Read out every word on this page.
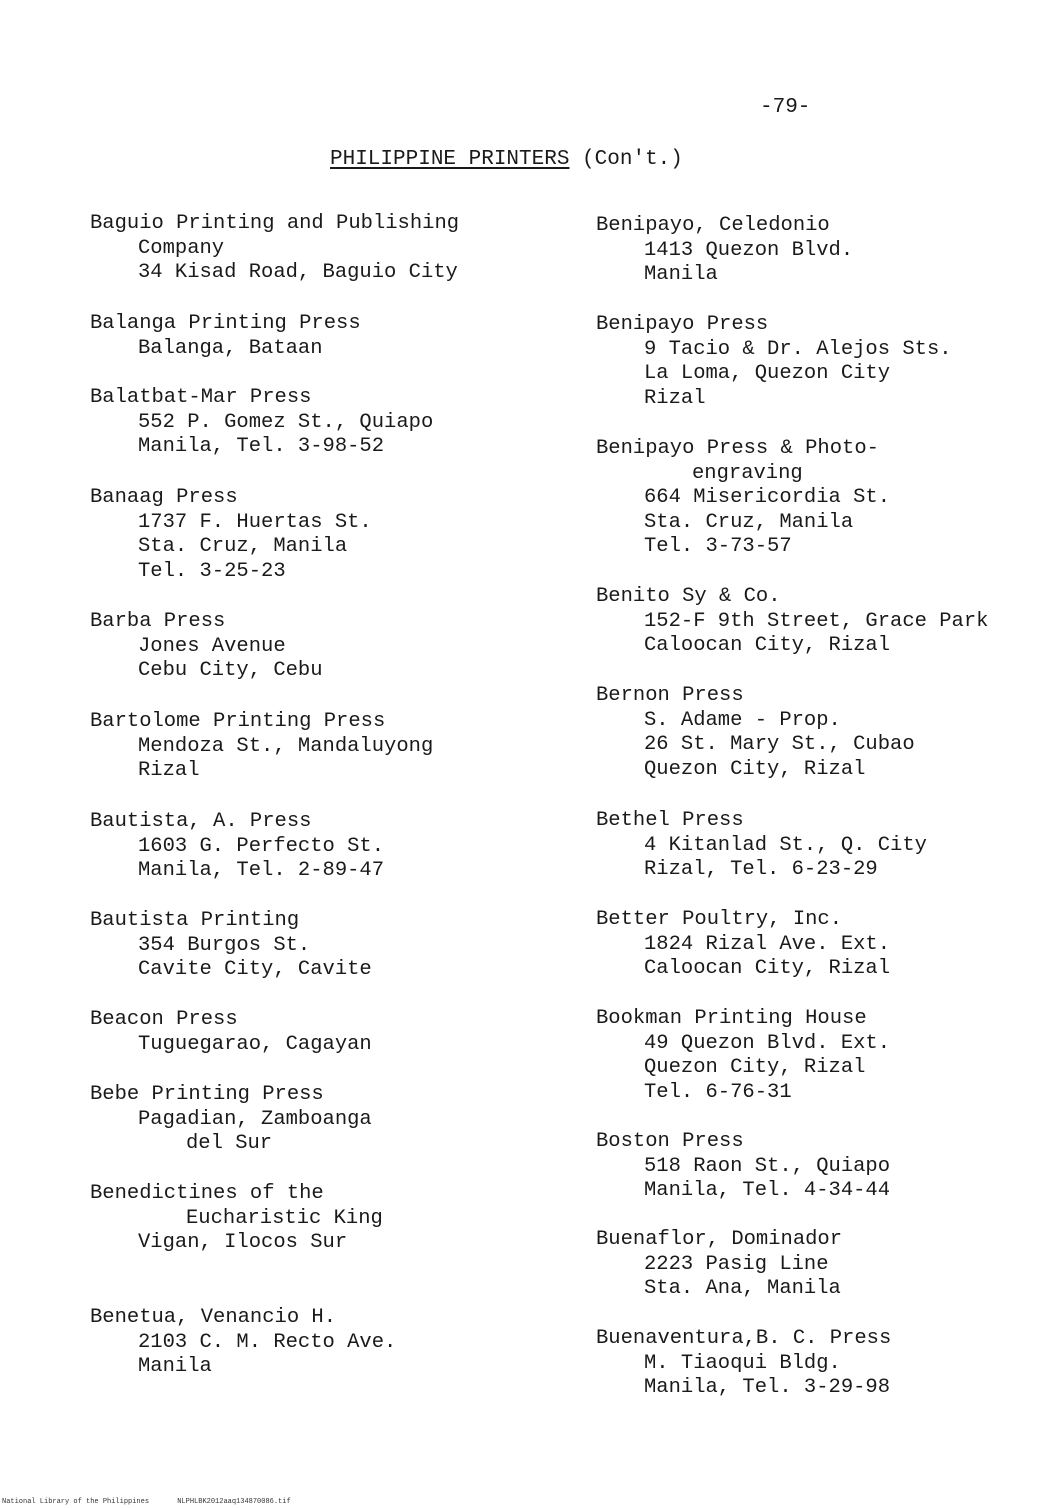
-79-
PHILIPPINE PRINTERS (Con't.)
Baguio Printing and Publishing
Company
34 Kisad Road, Baguio City
Balanga Printing Press
Balanga, Bataan
Balatbat-Mar Press
552 P. Gomez St., Quiapo
Manila, Tel. 3-98-52
Banaag Press
1737 F. Huertas St.
Sta. Cruz, Manila
Tel. 3-25-23
Barba Press
Jones Avenue
Cebu City, Cebu
Bartolome Printing Press
Mendoza St., Mandaluyong
Rizal
Bautista, A. Press
1603 G. Perfecto St.
Manila, Tel. 2-89-47
Bautista Printing
354 Burgos St.
Cavite City, Cavite
Beacon Press
Tuguegarao, Cagayan
Bebe Printing Press
Pagadian, Zamboanga
del Sur
Benedictines of the
Eucharistic King
Vigan, Ilocos Sur
Benetua, Venancio H.
2103 C. M. Recto Ave.
Manila
Benipayo, Celedonio
1413 Quezon Blvd.
Manila
Benipayo Press
9 Tacio & Dr. Alejos Sts.
La Loma, Quezon City
Rizal
Benipayo Press & Photo-
engraving
664 Misericordia St.
Sta. Cruz, Manila
Tel. 3-73-57
Benito Sy & Co.
152-F 9th Street, Grace Park
Caloocan City, Rizal
Bernon Press
S. Adame - Prop.
26 St. Mary St., Cubao
Quezon City, Rizal
Bethel Press
4 Kitanlad St., Q. City
Rizal, Tel. 6-23-29
Better Poultry, Inc.
1824 Rizal Ave. Ext.
Caloocan City, Rizal
Bookman Printing House
49 Quezon Blvd. Ext.
Quezon City, Rizal
Tel. 6-76-31
Boston Press
518 Raon St., Quiapo
Manila, Tel. 4-34-44
Buenaflor, Dominador
2223 Pasig Line
Sta. Ana, Manila
Buenaventura,B. C. Press
M. Tiaoqui Bldg.
Manila, Tel. 3-29-98
National Library of the Philippines	NLPHLBK2012aaq134870086.tif
